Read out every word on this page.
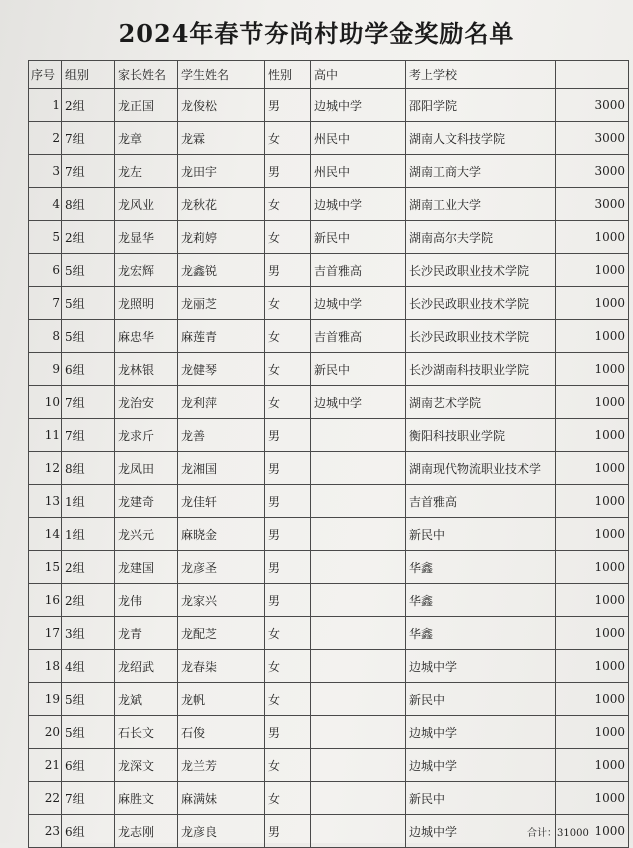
2024年春节夯尚村助学金奖励名单
序号	组别	家长姓名	学生姓名	性别	高中	考上学校	
1	2组	龙正国	龙俊松	男	边城中学	邵阳学院	3000
2	7组	龙章	龙霖	女	州民中	湖南人文科技学院	3000
3	7组	龙左	龙田宇	男	州民中	湖南工商大学	3000
4	8组	龙风业	龙秋花	女	边城中学	湖南工业大学	3000
5	2组	龙显华	龙莉婷	女	新民中	湖南高尔夫学院	1000
6	5组	龙宏辉	龙鑫锐	男	吉首雅高	长沙民政职业技术学院	1000
7	5组	龙照明	龙丽芝	女	边城中学	长沙民政职业技术学院	1000
8	5组	麻忠华	麻莲青	女	吉首雅高	长沙民政职业技术学院	1000
9	6组	龙林银	龙健琴	女	新民中	长沙湖南科技职业学院	1000
10	7组	龙治安	龙利萍	女	边城中学	湖南艺术学院	1000
11	7组	龙求斤	龙善	男		衡阳科技职业学院	1000
12	8组	龙凤田	龙湘国	男		湖南现代物流职业技术学	1000
13	1组	龙建奇	龙佳轩	男		吉首雅高	1000
14	1组	龙兴元	麻晓金	男		新民中	1000
15	2组	龙建国	龙彦圣	男		华鑫	1000
16	2组	龙伟	龙家兴	男		华鑫	1000
17	3组	龙青	龙配芝	女		华鑫	1000
18	4组	龙绍武	龙春柒	女		边城中学	1000
19	5组	龙斌	龙帆	女		新民中	1000
20	5组	石长文	石俊	男		边城中学	1000
21	6组	龙深文	龙兰芳	女		边城中学	1000
22	7组	麻胜文	麻满妹	女		新民中	1000
23	6组	龙志刚	龙彦良	男		边城中学	1000
合计：31000
